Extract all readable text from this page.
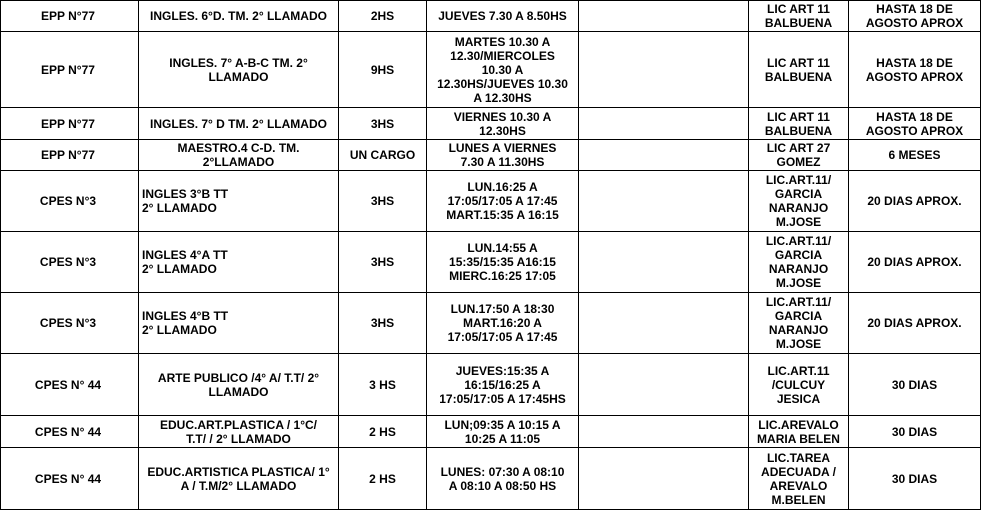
EPP N°77	INGLES. 6°D. TM. 2° LLAMADO	2HS	JUEVES 7.30 A 8.50HS		LIC ART 11
BALBUENA	HASTA 18 DE
AGOSTO APROX

EPP N°77	INGLES. 7° A-B-C TM. 2°
LLAMADO	9HS	MARTES 10.30 A
12.30/MIERCOLES
10.30 A
12.30HS/JUEVES 10.30
A 12.30HS		LIC ART 11
BALBUENA	HASTA 18 DE
AGOSTO APROX

EPP N°77	INGLES. 7° D TM. 2° LLAMADO	3HS	VIERNES 10.30 A
12.30HS		LIC ART 11
BALBUENA	HASTA 18 DE
AGOSTO APROX

EPP N°77	MAESTRO.4 C-D. TM.
2°LLAMADO	UN CARGO	LUNES A VIERNES
7.30 A 11.30HS		LIC ART 27
GOMEZ	6 MESES

CPES N°3	INGLES 3°B TT
2° LLAMADO	3HS	LUN.16:25 A
17:05/17:05 A 17:45
MART.15:35 A 16:15		LIC.ART.11/
GARCIA
NARANJO
M.JOSE	20 DIAS APROX.

CPES N°3	INGLES 4°A TT
2° LLAMADO	3HS	LUN.14:55 A
15:35/15:35 A16:15
MIERC.16:25 17:05		LIC.ART.11/
GARCIA
NARANJO
M.JOSE	20 DIAS APROX.

CPES N°3	INGLES 4°B TT
2° LLAMADO	3HS	LUN.17:50 A 18:30
MART.16:20 A
17:05/17:05 A 17:45		LIC.ART.11/
GARCIA
NARANJO
M.JOSE	20 DIAS APROX.

CPES N° 44	ARTE PUBLICO /4° A/ T.T/ 2°
LLAMADO	3 HS	JUEVES:15:35 A
16:15/16:25 A
17:05/17:05 A 17:45HS		LIC.ART.11
/CULCUY
JESICA	30 DIAS

CPES N° 44	EDUC.ART.PLASTICA / 1°C/
T.T/ / 2° LLAMADO	2 HS	LUN;09:35 A 10:15 A
10:25 A 11:05		LIC.AREVALO
MARIA BELEN	30 DIAS

CPES N° 44	EDUC.ARTISTICA PLASTICA/ 1°
A / T.M/2° LLAMADO	2 HS	LUNES: 07:30 A 08:10
A 08:10 A 08:50 HS		LIC.TAREA
ADECUADA /
AREVALO
M.BELEN	30 DIAS
